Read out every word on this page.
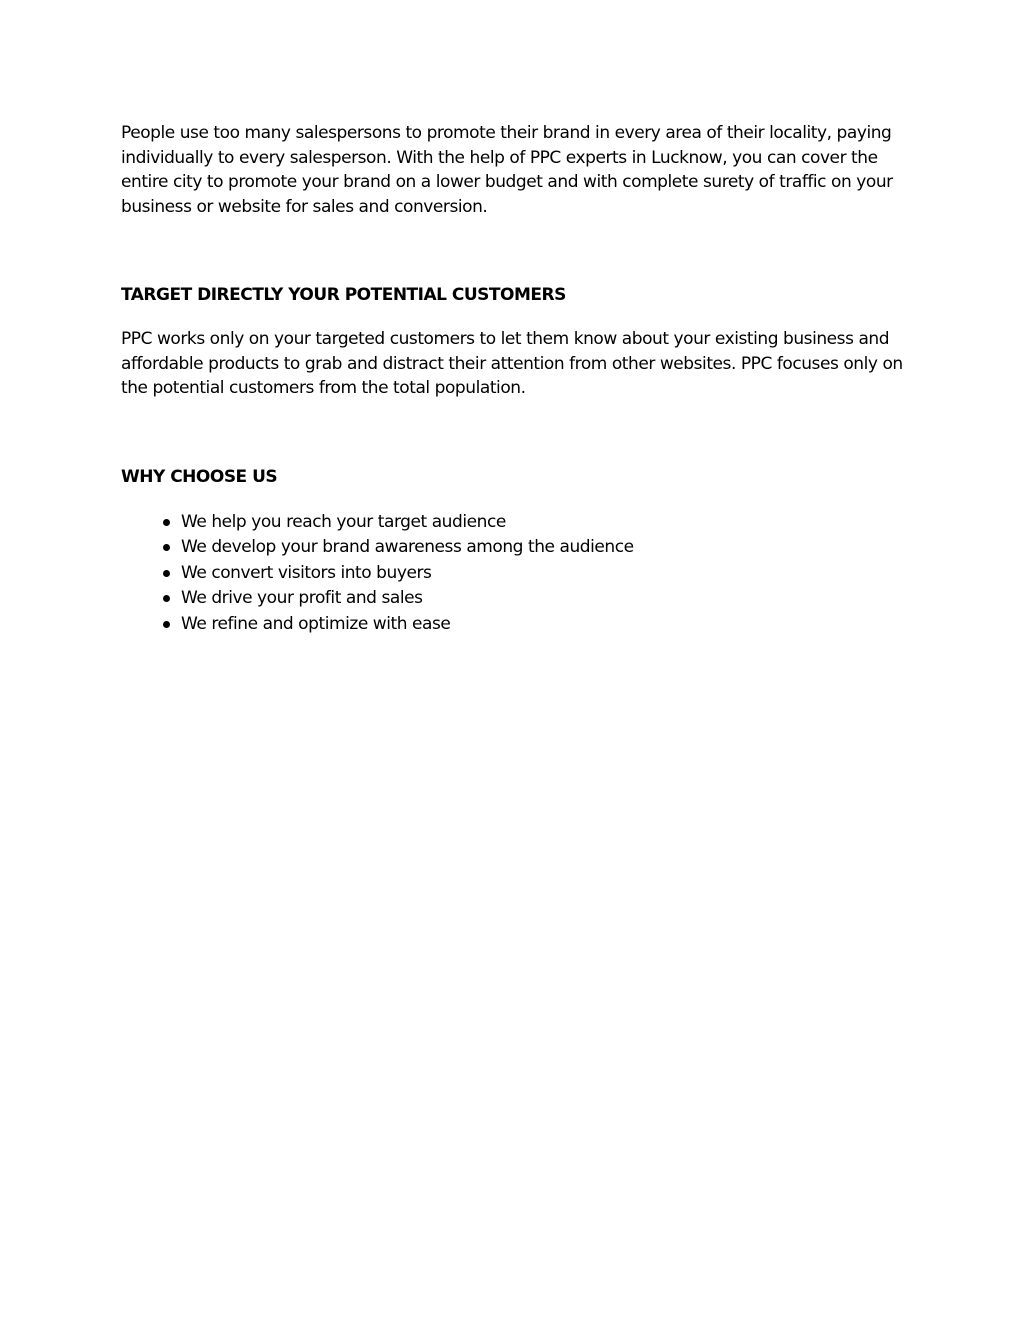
People use too many salespersons to promote their brand in every area of their locality, paying individually to every salesperson. With the help of PPC experts in Lucknow, you can cover the entire city to promote your brand on a lower budget and with complete surety of traffic on your business or website for sales and conversion.

TARGET DIRECTLY YOUR POTENTIAL CUSTOMERS

PPC works only on your targeted customers to let them know about your existing business and affordable products to grab and distract their attention from other websites. PPC focuses only on the potential customers from the total population.

WHY CHOOSE US
We help you reach your target audience
We develop your brand awareness among the audience
We convert visitors into buyers
We drive your profit and sales
We refine and optimize with ease
